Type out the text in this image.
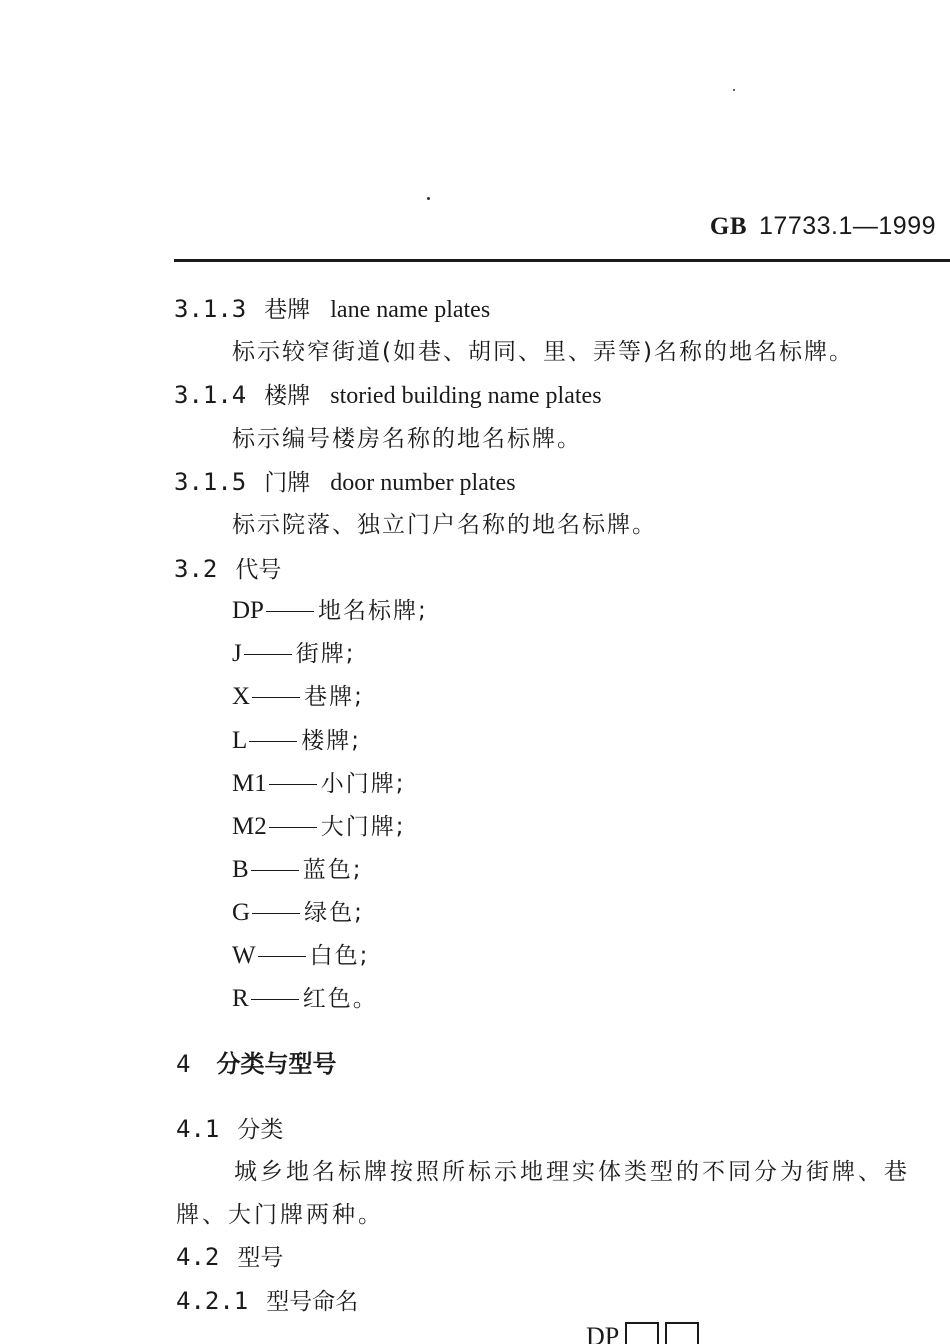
GB 17733.1—1999
3.1.3 巷牌 lane name plates
标示较窄街道(如巷、胡同、里、弄等)名称的地名标牌。
3.1.4 楼牌 storied building name plates
标示编号楼房名称的地名标牌。
3.1.5 门牌 door number plates
标示院落、独立门户名称的地名标牌。
3.2 代号
DP 地名标牌;
J 街牌;
X 巷牌;
L 楼牌;
M1 小门牌;
M2 大门牌;
B 蓝色;
G 绿色;
W 白色;
R 红色。
4 分类与型号
4.1 分类
城乡地名标牌按照所标示地理实体类型的不同分为街牌、巷
牌、大门牌两种。
4.2 型号
4.2.1 型号命名
DP
